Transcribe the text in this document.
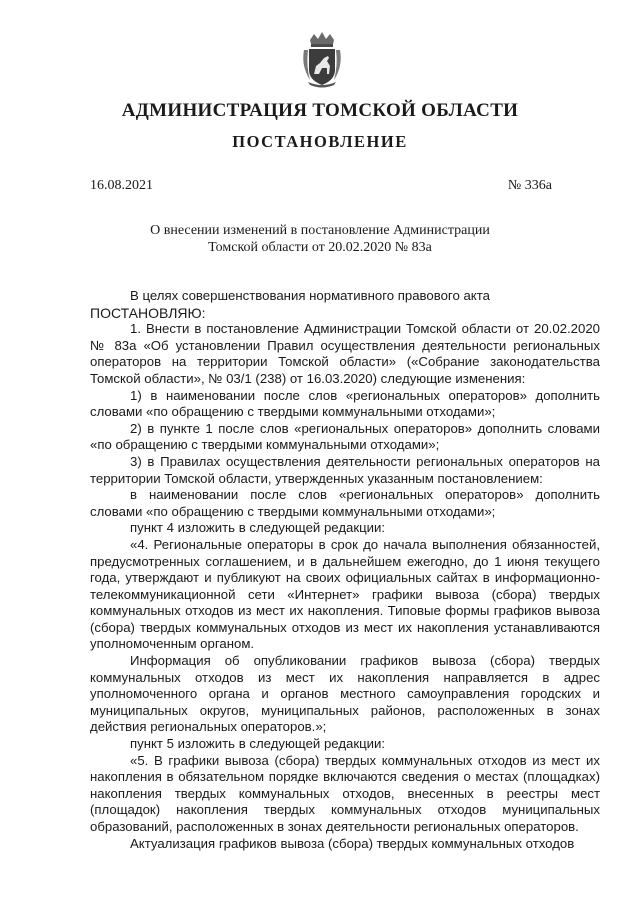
АДМИНИСТРАЦИЯ ТОМСКОЙ ОБЛАСТИ
ПОСТАНОВЛЕНИЕ
16.08.2021	№ 336а
О внесении изменений в постановление Администрации
Томской области от 20.02.2020 № 83а

В целях совершенствования нормативного правового акта

ПОСТАНОВЛЯЮ:

1. Внести в постановление Администрации Томской области от 20.02.2020 № 83а «Об установлении Правил осуществления деятельности региональных операторов на территории Томской области» («Собрание законодательства Томской области», № 03/1 (238) от 16.03.2020) следующие изменения:

1) в наименовании после слов «региональных операторов» дополнить словами «по обращению с твердыми коммунальными отходами»;

2) в пункте 1 после слов «региональных операторов» дополнить словами «по обращению с твердыми коммунальными отходами»;

3) в Правилах осуществления деятельности региональных операторов на территории Томской области, утвержденных указанным постановлением:

в наименовании после слов «региональных операторов» дополнить словами «по обращению с твердыми коммунальными отходами»;

пункт 4 изложить в следующей редакции:

«4. Региональные операторы в срок до начала выполнения обязанностей, предусмотренных соглашением, и в дальнейшем ежегодно, до 1 июня текущего года, утверждают и публикуют на своих официальных сайтах в информационно-телекоммуникационной сети «Интернет» графики вывоза (сбора) твердых коммунальных отходов из мест их накопления. Типовые формы графиков вывоза (сбора) твердых коммунальных отходов из мест их накопления устанавливаются уполномоченным органом.

Информация об опубликовании графиков вывоза (сбора) твердых коммунальных отходов из мест их накопления направляется в адрес уполномоченного органа и органов местного самоуправления городских и муниципальных округов, муниципальных районов, расположенных в зонах действия региональных операторов.»;

пункт 5 изложить в следующей редакции:

«5. В графики вывоза (сбора) твердых коммунальных отходов из мест их накопления в обязательном порядке включаются сведения о местах (площадках) накопления твердых коммунальных отходов, внесенных в реестры мест (площадок) накопления твердых коммунальных отходов муниципальных образований, расположенных в зонах деятельности региональных операторов.

Актуализация графиков вывоза (сбора) твердых коммунальных отходов
